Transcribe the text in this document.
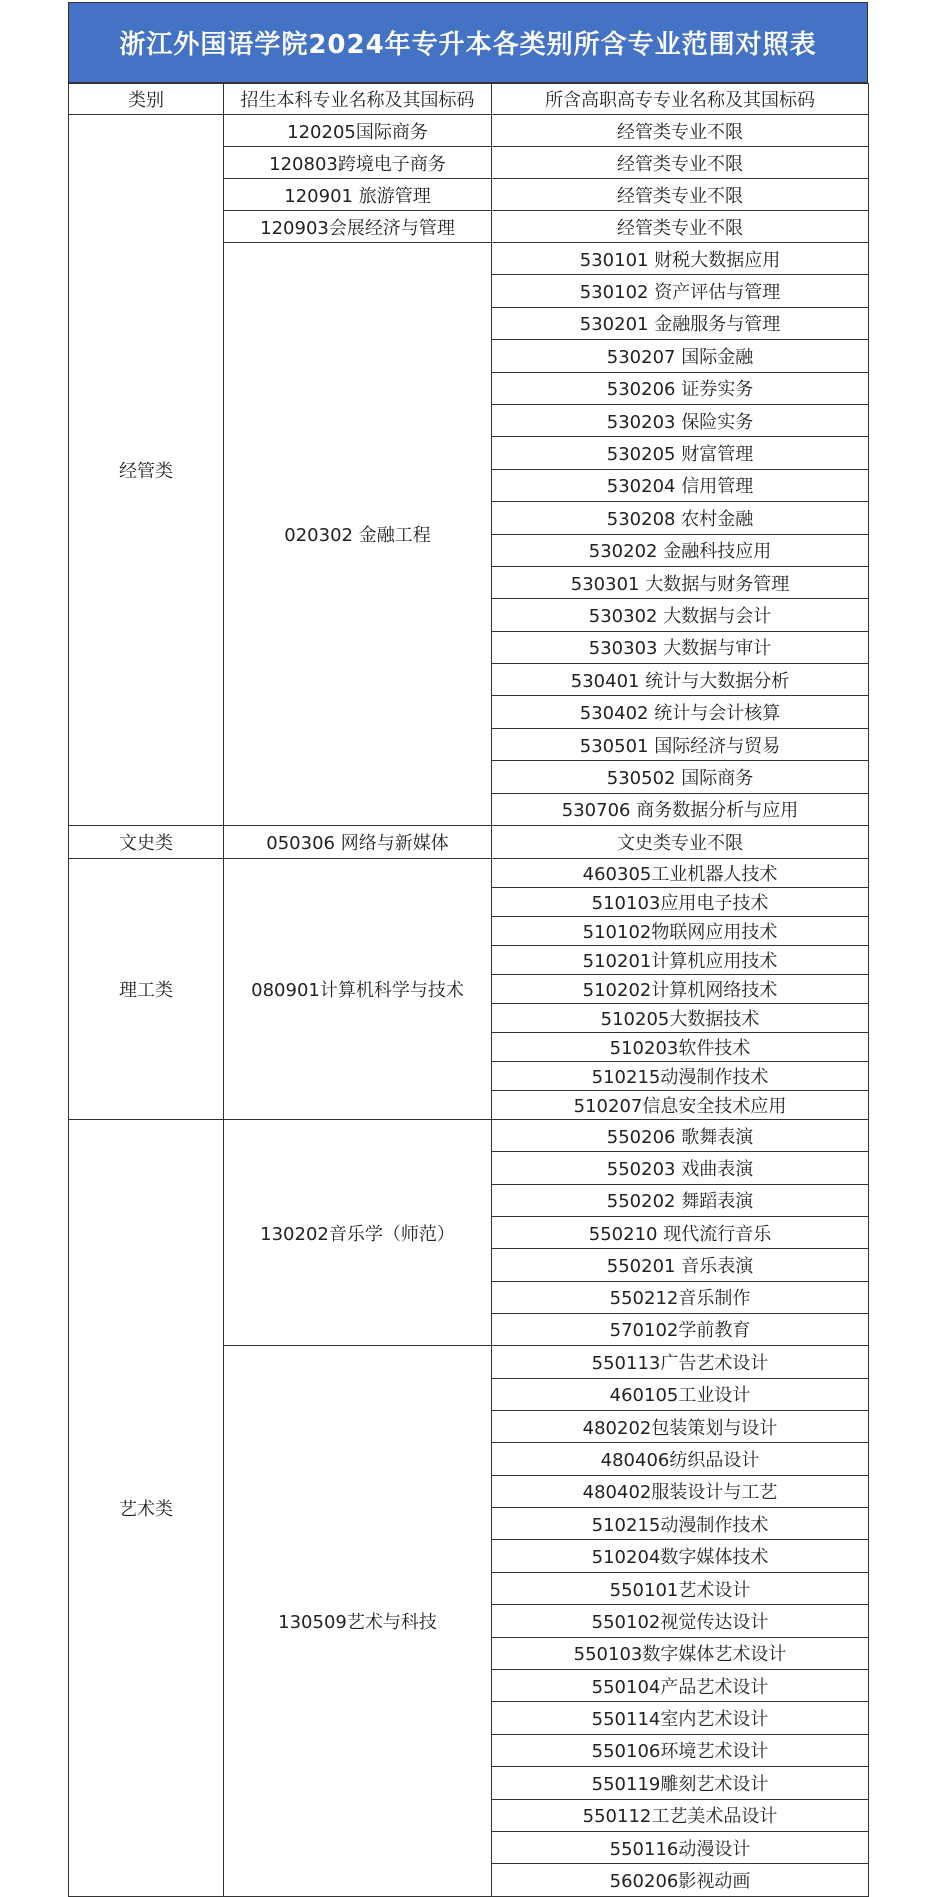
浙江外国语学院2024年专升本各类别所含专业范围对照表
类别	招生本科专业名称及其国标码	所含高职高专专业名称及其国标码
经管类	120205国际商务	经管类专业不限
	120803跨境电子商务	经管类专业不限
	120901 旅游管理	经管类专业不限
	120903会展经济与管理	经管类专业不限
	020302 金融工程	530101 财税大数据应用
		530102 资产评估与管理
		530201 金融服务与管理
		530207 国际金融
		530206 证券实务
		530203 保险实务
		530205 财富管理
		530204 信用管理
		530208 农村金融
		530202 金融科技应用
		530301 大数据与财务管理
		530302 大数据与会计
		530303 大数据与审计
		530401 统计与大数据分析
		530402 统计与会计核算
		530501 国际经济与贸易
		530502 国际商务
		530706 商务数据分析与应用
文史类	050306 网络与新媒体	文史类专业不限
理工类	080901计算机科学与技术	460305工业机器人技术
		510103应用电子技术
		510102物联网应用技术
		510201计算机应用技术
		510202计算机网络技术
		510205大数据技术
		510203软件技术
		510215动漫制作技术
		510207信息安全技术应用
艺术类	130202音乐学（师范）	550206 歌舞表演
		550203 戏曲表演
		550202 舞蹈表演
		550210 现代流行音乐
		550201 音乐表演
		550212音乐制作
		570102学前教育
	130509艺术与科技	550113广告艺术设计
		460105工业设计
		480202包装策划与设计
		480406纺织品设计
		480402服装设计与工艺
		510215动漫制作技术
		510204数字媒体技术
		550101艺术设计
		550102视觉传达设计
		550103数字媒体艺术设计
		550104产品艺术设计
		550114室内艺术设计
		550106环境艺术设计
		550119雕刻艺术设计
		550112工艺美术品设计
		550116动漫设计
		560206影视动画
